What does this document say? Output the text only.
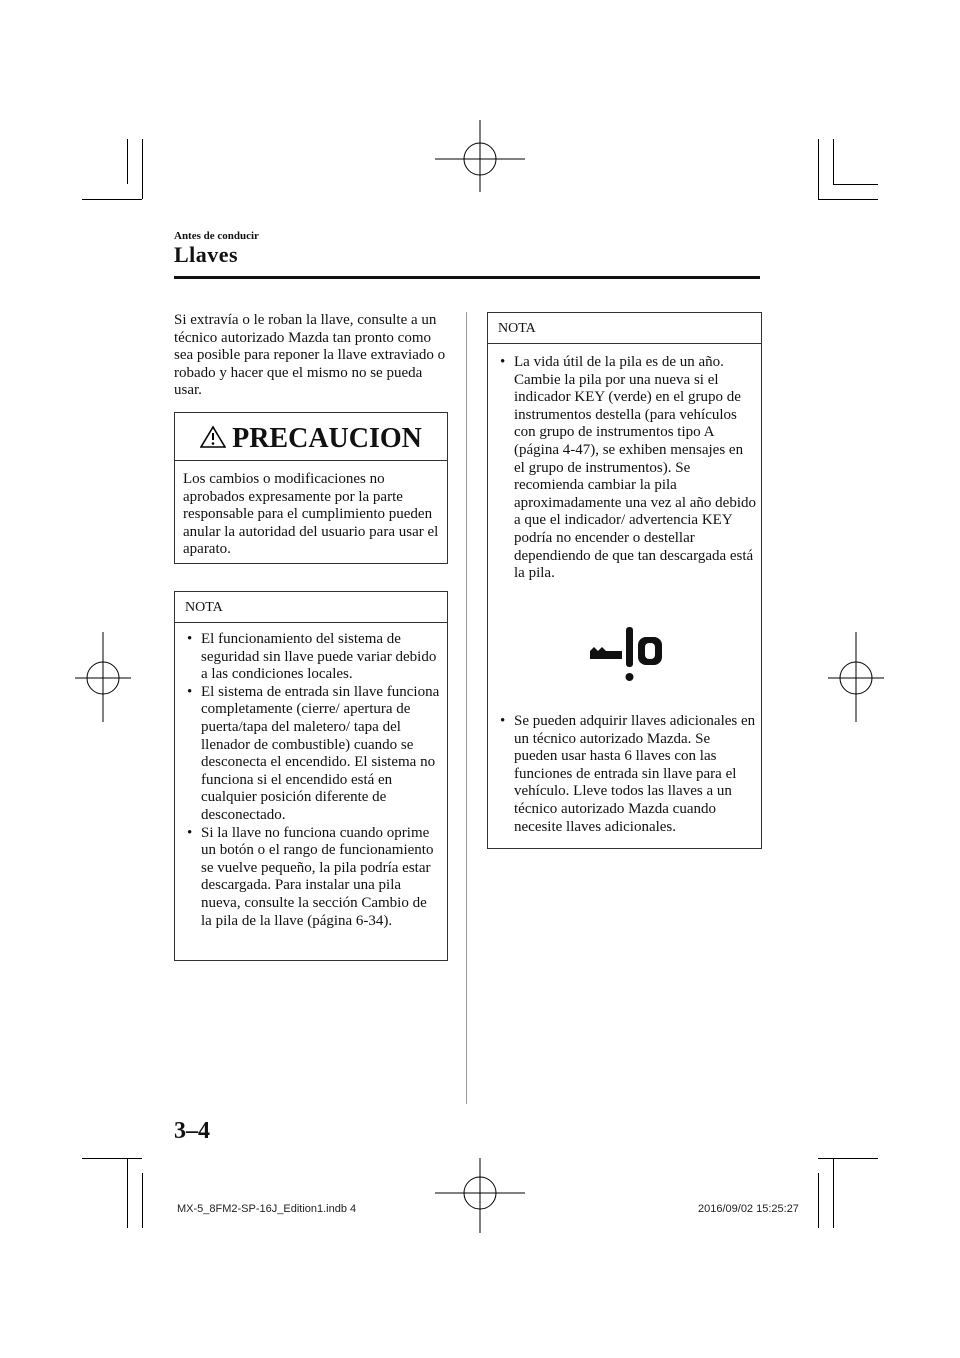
Antes de conducir
Llaves
Si extravía o le roban la llave, consulte a un técnico autorizado Mazda tan pronto como sea posible para reponer la llave extraviado o robado y hacer que el mismo no se pueda usar.
PRECAUCION
Los cambios o modificaciones no aprobados expresamente por la parte responsable para el cumplimiento pueden anular la autoridad del usuario para usar el aparato.
NOTA
• El funcionamiento del sistema de seguridad sin llave puede variar debido a las condiciones locales.
• El sistema de entrada sin llave funciona completamente (cierre/ apertura de puerta/tapa del maletero/ tapa del llenador de combustible) cuando se desconecta el encendido. El sistema no funciona si el encendido está en cualquier posición diferente de desconectado.
• Si la llave no funciona cuando oprime un botón o el rango de funcionamiento se vuelve pequeño, la pila podría estar descargada. Para instalar una pila nueva, consulte la sección Cambio de la pila de la llave (página 6-34).
NOTA
• La vida útil de la pila es de un año. Cambie la pila por una nueva si el indicador KEY (verde) en el grupo de instrumentos destella (para vehículos con grupo de instrumentos tipo A (página 4-47), se exhiben mensajes en el grupo de instrumentos). Se recomienda cambiar la pila aproximadamente una vez al año debido a que el indicador/ advertencia KEY podría no encender o destellar dependiendo de que tan descargada está la pila.
• Se pueden adquirir llaves adicionales en un técnico autorizado Mazda. Se pueden usar hasta 6 llaves con las funciones de entrada sin llave para el vehículo. Lleve todos las llaves a un técnico autorizado Mazda cuando necesite llaves adicionales.
3–4
MX-5_8FM2-SP-16J_Edition1.indb 4	2016/09/02 15:25:27
